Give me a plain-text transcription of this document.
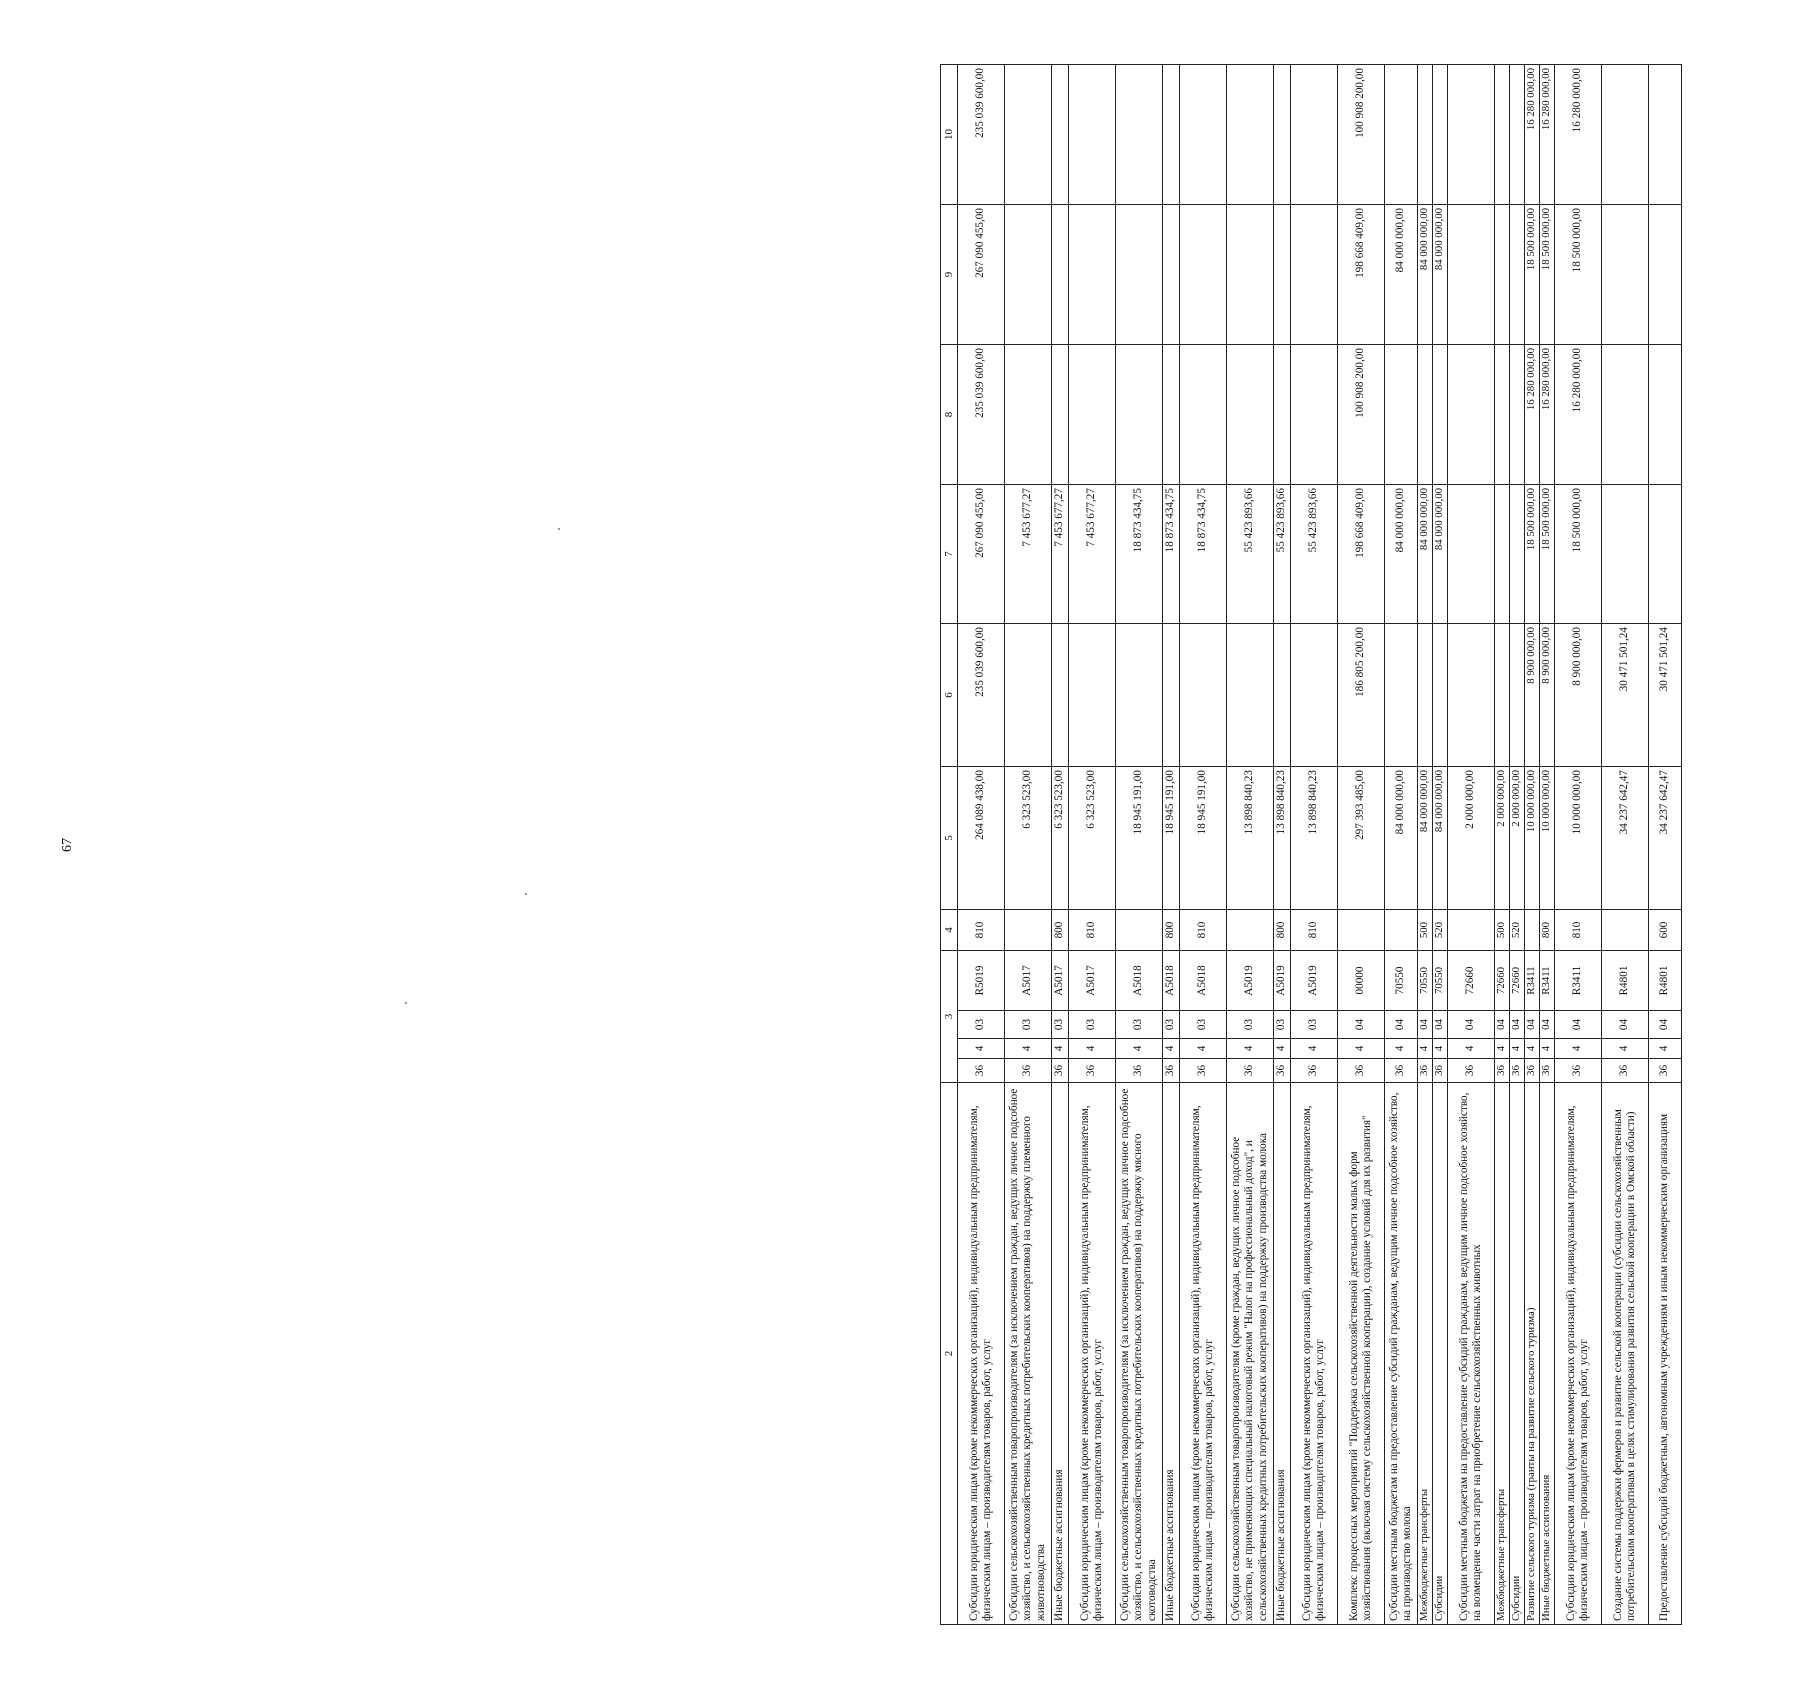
67
2	3				4	5	6	7	8	9	10
Субсидии юридическим лицам (кроме некоммерческих организаций), индивидуальным предпринимателям, физическим лицам – производителям товаров, работ, услуг	36	4	03	R5019	810	264 089 438,00	235 039 600,00	267 090 455,00	235 039 600,00	267 090 455,00	235 039 600,00
Субсидии сельскохозяйственным товаропроизводителям (за исключением граждан, ведущих личное подсобное хозяйство, и сельскохозяйственных кредитных потребительских кооперативов) на поддержку племенного животноводства	36	4	03	A5017		6 323 523,00		7 453 677,27			
Иные бюджетные ассигнования	36	4	03	A5017	800	6 323 523,00		7 453 677,27			
Субсидии юридическим лицам (кроме некоммерческих организаций), индивидуальным предпринимателям, физическим лицам – производителям товаров, работ, услуг	36	4	03	A5017	810	6 323 523,00		7 453 677,27			
Субсидии сельскохозяйственным товаропроизводителям (за исключением граждан, ведущих личное подсобное хозяйство, и сельскохозяйственных кредитных потребительских кооперативов) на поддержку мясного скотоводства	36	4	03	A5018		18 945 191,00		18 873 434,75			
Иные бюджетные ассигнования	36	4	03	A5018	800	18 945 191,00		18 873 434,75			
Субсидии юридическим лицам (кроме некоммерческих организаций), индивидуальным предпринимателям, физическим лицам – производителям товаров, работ, услуг	36	4	03	A5018	810	18 945 191,00		18 873 434,75			
Субсидии сельскохозяйственным товаропроизводителям (кроме граждан, ведущих личное подсобное хозяйство, не применяющих специальный налоговый режим "Налог на профессиональный доход", и сельскохозяйственных кредитных потребительских кооперативов) на поддержку производства молока	36	4	03	A5019		13 898 840,23		55 423 893,66			
Иные бюджетные ассигнования	36	4	03	A5019	800	13 898 840,23		55 423 893,66			
Субсидии юридическим лицам (кроме некоммерческих организаций), индивидуальным предпринимателям, физическим лицам – производителям товаров, работ, услуг	36	4	03	A5019	810	13 898 840,23		55 423 893,66			
Комплекс процессных мероприятий "Поддержка сельскохозяйственной деятельности малых форм хозяйствования (включая систему сельскохозяйственной кооперации), создание условий для их развития"	36	4	04	00000		297 393 485,00	186 805 200,00	198 668 409,00	100 908 200,00	198 668 409,00	100 908 200,00
Субсидии местным бюджетам на предоставление субсидий гражданам, ведущим личное подсобное хозяйство, на производство молока	36	4	04	70550		84 000 000,00		84 000 000,00		84 000 000,00	
Межбюджетные трансферты	36	4	04	70550	500	84 000 000,00		84 000 000,00		84 000 000,00	
Субсидии	36	4	04	70550	520	84 000 000,00		84 000 000,00		84 000 000,00	
Субсидии местным бюджетам на предоставление субсидий гражданам, ведущим личное подсобное хозяйство, на возмещение части затрат на приобретение сельскохозяйственных животных	36	4	04	72660		2 000 000,00					
Межбюджетные трансферты	36	4	04	72660	500	2 000 000,00					
Субсидии	36	4	04	72660	520	2 000 000,00					
Развитие сельского туризма (гранты на развитие сельского туризма)	36	4	04	R3411		10 000 000,00	8 900 000,00	18 500 000,00	16 280 000,00	18 500 000,00	16 280 000,00
Иные бюджетные ассигнования	36	4	04	R3411	800	10 000 000,00	8 900 000,00	18 500 000,00	16 280 000,00	18 500 000,00	16 280 000,00
Субсидии юридическим лицам (кроме некоммерческих организаций), индивидуальным предпринимателям, физическим лицам – производителям товаров, работ, услуг	36	4	04	R3411	810	10 000 000,00	8 900 000,00	18 500 000,00	16 280 000,00	18 500 000,00	16 280 000,00
Создание системы поддержки фермеров и развитие сельской кооперации (субсидии сельскохозяйственным потребительским кооперативам в целях стимулирования развития сельской кооперации в Омской области)	36	4	04	R4801		34 237 642,47	30 471 501,24				
Предоставление субсидий бюджетным, автономным учреждениям и иным некоммерческим организациям	36	4	04	R4801	600	34 237 642,47	30 471 501,24				
